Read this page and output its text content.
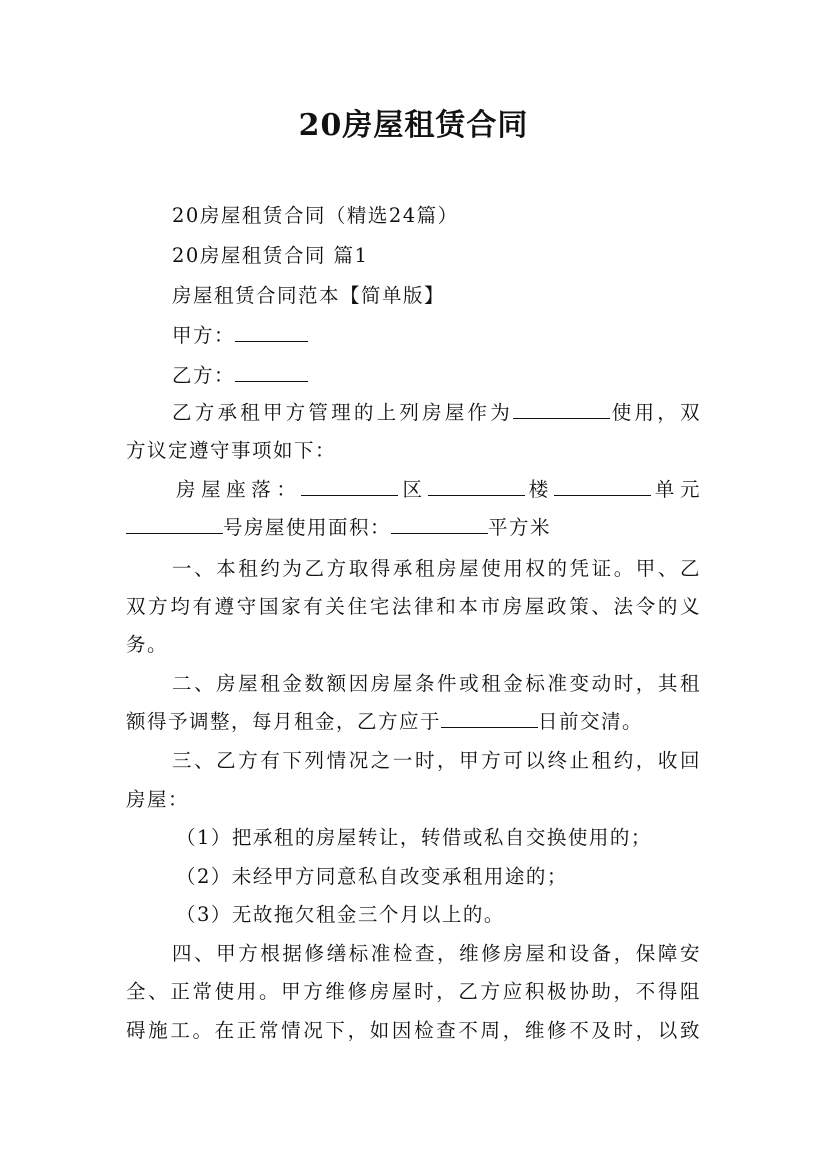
20房屋租赁合同
20房屋租赁合同（精选24篇）
20房屋租赁合同 篇1
房屋租赁合同范本【简单版】
甲方：
乙方：
乙方承租甲方管理的上列房屋作为	使用，双
方议定遵守事项如下：
房屋座落：	区	楼	单元
号房屋使用面积：	平方米
一、本租约为乙方取得承租房屋使用权的凭证。甲、乙
双方均有遵守国家有关住宅法律和本市房屋政策、法令的义
务。
二、房屋租金数额因房屋条件或租金标准变动时，其租
额得予调整，每月租金，乙方应于	日前交清。
三、乙方有下列情况之一时，甲方可以终止租约，收回
房屋：
（1）把承租的房屋转让，转借或私自交换使用的；
（2）未经甲方同意私自改变承租用途的；
（3）无故拖欠租金三个月以上的。
四、甲方根据修缮标准检查，维修房屋和设备，保障安
全、正常使用。甲方维修房屋时，乙方应积极协助，不得阻
碍施工。在正常情况下，如因检查不周，维修不及时，以致
